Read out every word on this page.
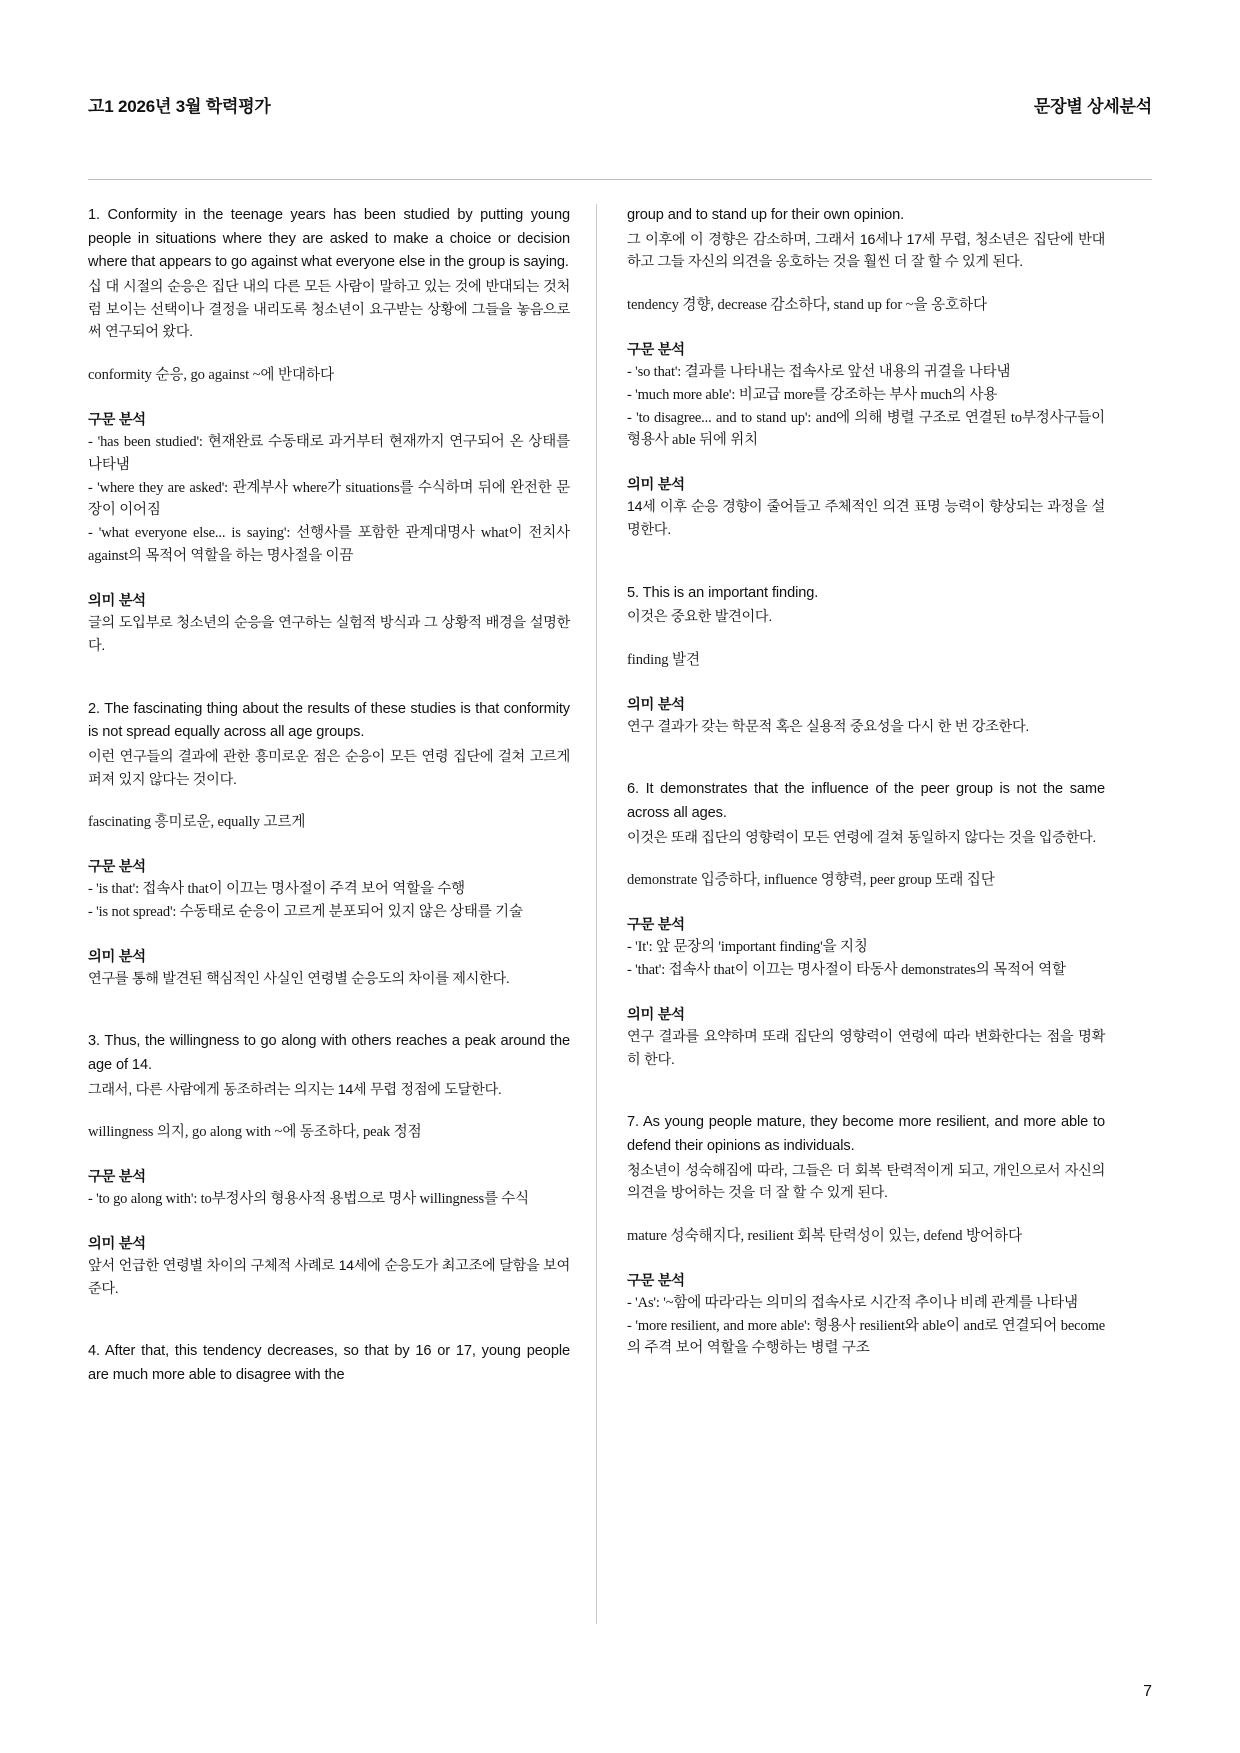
고1 2026년 3월 학력평가	문장별 상세분석
1. Conformity in the teenage years has been studied by putting young people in situations where they are asked to make a choice or decision where that appears to go against what everyone else in the group is saying.
십 대 시절의 순응은 집단 내의 다른 모든 사람이 말하고 있는 것에 반대되는 것처럼 보이는 선택이나 결정을 내리도록 청소년이 요구받는 상황에 그들을 놓음으로써 연구되어 왔다.
conformity 순응, go against ~에 반대하다
구문 분석
- 'has been studied': 현재완료 수동태로 과거부터 현재까지 연구되어 온 상태를 나타냄
- 'where they are asked': 관계부사 where가 situations를 수식하며 뒤에 완전한 문장이 이어짐
- 'what everyone else... is saying': 선행사를 포함한 관계대명사 what이 전치사 against의 목적어 역할을 하는 명사절을 이끔
의미 분석
글의 도입부로 청소년의 순응을 연구하는 실험적 방식과 그 상황적 배경을 설명한다.
2. The fascinating thing about the results of these studies is that conformity is not spread equally across all age groups.
이런 연구들의 결과에 관한 흥미로운 점은 순응이 모든 연령 집단에 걸쳐 고르게 퍼져 있지 않다는 것이다.
fascinating 흥미로운, equally 고르게
구문 분석
- 'is that': 접속사 that이 이끄는 명사절이 주격 보어 역할을 수행
- 'is not spread': 수동태로 순응이 고르게 분포되어 있지 않은 상태를 기술
의미 분석
연구를 통해 발견된 핵심적인 사실인 연령별 순응도의 차이를 제시한다.
3. Thus, the willingness to go along with others reaches a peak around the age of 14.
그래서, 다른 사람에게 동조하려는 의지는 14세 무렵 정점에 도달한다.
willingness 의지, go along with ~에 동조하다, peak 정점
구문 분석
- 'to go along with': to부정사의 형용사적 용법으로 명사 willingness를 수식
의미 분석
앞서 언급한 연령별 차이의 구체적 사례로 14세에 순응도가 최고조에 달함을 보여준다.
4. After that, this tendency decreases, so that by 16 or 17, young people are much more able to disagree with the
group and to stand up for their own opinion.
그 이후에 이 경향은 감소하며, 그래서 16세나 17세 무렵, 청소년은 집단에 반대하고 그들 자신의 의견을 옹호하는 것을 훨씬 더 잘 할 수 있게 된다.
tendency 경향, decrease 감소하다, stand up for ~을 옹호하다
구문 분석
- 'so that': 결과를 나타내는 접속사로 앞선 내용의 귀결을 나타냄
- 'much more able': 비교급 more를 강조하는 부사 much의 사용
- 'to disagree... and to stand up': and에 의해 병렬 구조로 연결된 to부정사구들이 형용사 able 뒤에 위치
의미 분석
14세 이후 순응 경향이 줄어들고 주체적인 의견 표명 능력이 향상되는 과정을 설명한다.
5. This is an important finding.
이것은 중요한 발견이다.
finding 발견
의미 분석
연구 결과가 갖는 학문적 혹은 실용적 중요성을 다시 한 번 강조한다.
6. It demonstrates that the influence of the peer group is not the same across all ages.
이것은 또래 집단의 영향력이 모든 연령에 걸쳐 동일하지 않다는 것을 입증한다.
demonstrate 입증하다, influence 영향력, peer group 또래 집단
구문 분석
- 'It': 앞 문장의 'important finding'을 지칭
- 'that': 접속사 that이 이끄는 명사절이 타동사 demonstrates의 목적어 역할
의미 분석
연구 결과를 요약하며 또래 집단의 영향력이 연령에 따라 변화한다는 점을 명확히 한다.
7. As young people mature, they become more resilient, and more able to defend their opinions as individuals.
청소년이 성숙해짐에 따라, 그들은 더 회복 탄력적이게 되고, 개인으로서 자신의 의견을 방어하는 것을 더 잘 할 수 있게 된다.
mature 성숙해지다, resilient 회복 탄력성이 있는, defend 방어하다
구문 분석
- 'As': '~함에 따라'라는 의미의 접속사로 시간적 추이나 비례 관계를 나타냄
- 'more resilient, and more able': 형용사 resilient와 able이 and로 연결되어 become의 주격 보어 역할을 수행하는 병렬 구조
7
